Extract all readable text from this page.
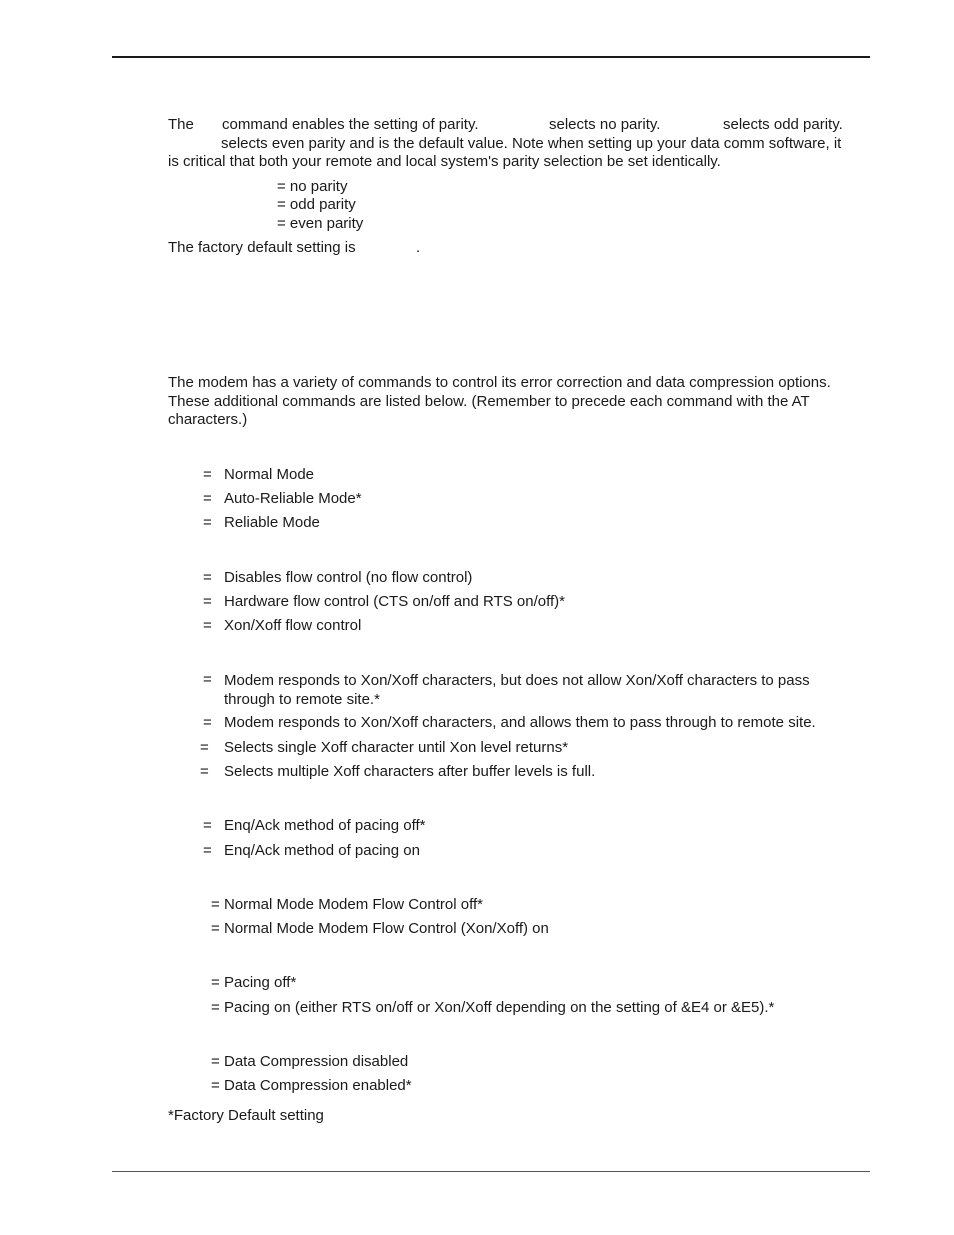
The command enables the setting of parity.	selects no parity.	selects odd parity.
selects even parity and is the default value. Note when setting up your data comm software, it
is critical that both your remote and local system's parity selection be set identically.
= no parity
= odd parity
= even parity
The factory default setting is	.
The modem has a variety of commands to control its error correction and data compression options.
These additional commands are listed below. (Remember to precede each command with the AT
characters.)
= Normal Mode
= Auto-Reliable Mode*
= Reliable Mode
= Disables flow control (no flow control)
= Hardware flow control (CTS on/off and RTS on/off)*
= Xon/Xoff flow control
= Modem responds to Xon/Xoff characters, but does not allow Xon/Xoff characters to pass through to remote site.*
= Modem responds to Xon/Xoff characters, and allows them to pass through to remote site.
= Selects single Xoff character until Xon level returns*
= Selects multiple Xoff characters after buffer levels is full.
= Enq/Ack method of pacing off*
= Enq/Ack method of pacing on
= Normal Mode Modem Flow Control off*
= Normal Mode Modem Flow Control (Xon/Xoff) on
= Pacing off*
= Pacing on (either RTS on/off or Xon/Xoff depending on the setting of &E4 or &E5).*
= Data Compression disabled
= Data Compression enabled*
*Factory Default setting
